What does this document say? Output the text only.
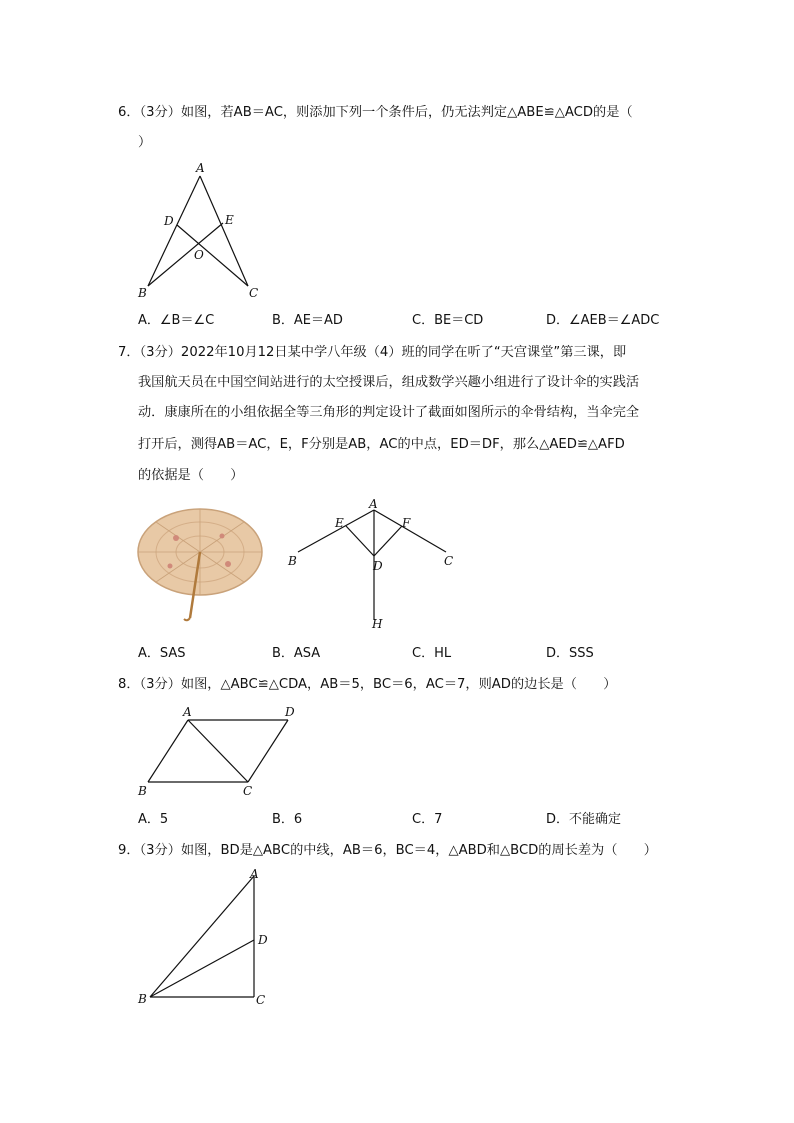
6．（3分）如图，若AB＝AC，则添加下列一个条件后，仍无法判定△ABE≌△ACD的是（
）
A
D	E
O
B	C
A．∠B＝∠C	B．AE＝AD	C．BE＝CD	D．∠AEB＝∠ADC
7．（3分）2022年10月12日某中学八年级（4）班的同学在听了“天宫课堂”第三课，即
我国航天员在中国空间站进行的太空授课后，组成数学兴趣小组进行了设计伞的实践活
动．康康所在的小组依据全等三角形的判定设计了截面如图所示的伞骨结构，当伞完全
打开后，测得AB＝AC，E，F分别是AB，AC的中点，ED＝DF，那么△AED≌△AFD
的依据是（　　）
A
E	F
B	D	C
H
A．SAS	B．ASA	C．HL	D．SSS
8．（3分）如图，△ABC≌△CDA，AB＝5，BC＝6，AC＝7，则AD的边长是（　　）
A	D
B	C
A．5	B．6	C．7	D．不能确定
9．（3分）如图，BD是△ABC的中线，AB＝6，BC＝4，△ABD和△BCD的周长差为（　　）
A
D
B	C
